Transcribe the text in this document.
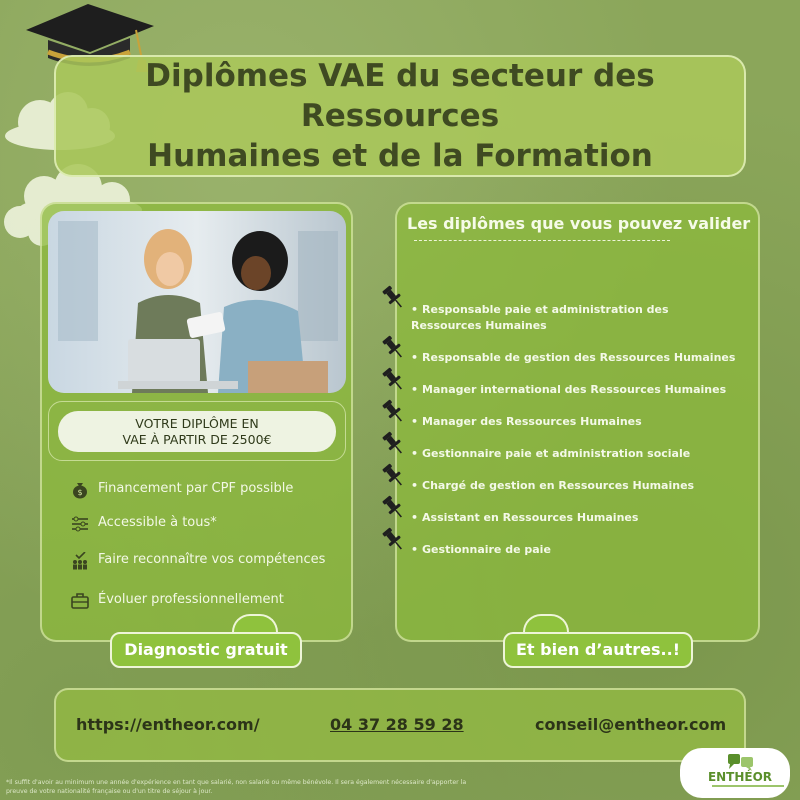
Diplômes VAE du secteur des Ressources
Humaines et de la Formation
VOTRE DIPLÔME EN
VAE À PARTIR DE 2500€
$ Financement par CPF possible
Accessible à tous*
Faire reconnaître vos compétences
Évoluer professionnellement
Les diplômes que vous pouvez valider
• Responsable paie et administration des Ressources Humaines
• Responsable de gestion des Ressources Humaines
• Manager international des Ressources Humaines
• Manager des Ressources Humaines
• Gestionnaire paie et administration sociale
• Chargé de gestion en Ressources Humaines
• Assistant en Ressources Humaines
• Gestionnaire de paie
Diagnostic gratuit	Et bien d’autres..!
https://entheor.com/	04 37 28 59 28	conseil@entheor.com
*Il suffit d'avoir au minimum une année d'expérience en tant que salarié, non salarié ou même bénévole. Il sera également nécessaire d'apporter la preuve de votre nationalité française ou d'un titre de séjour à jour.
ENTHÉOR
